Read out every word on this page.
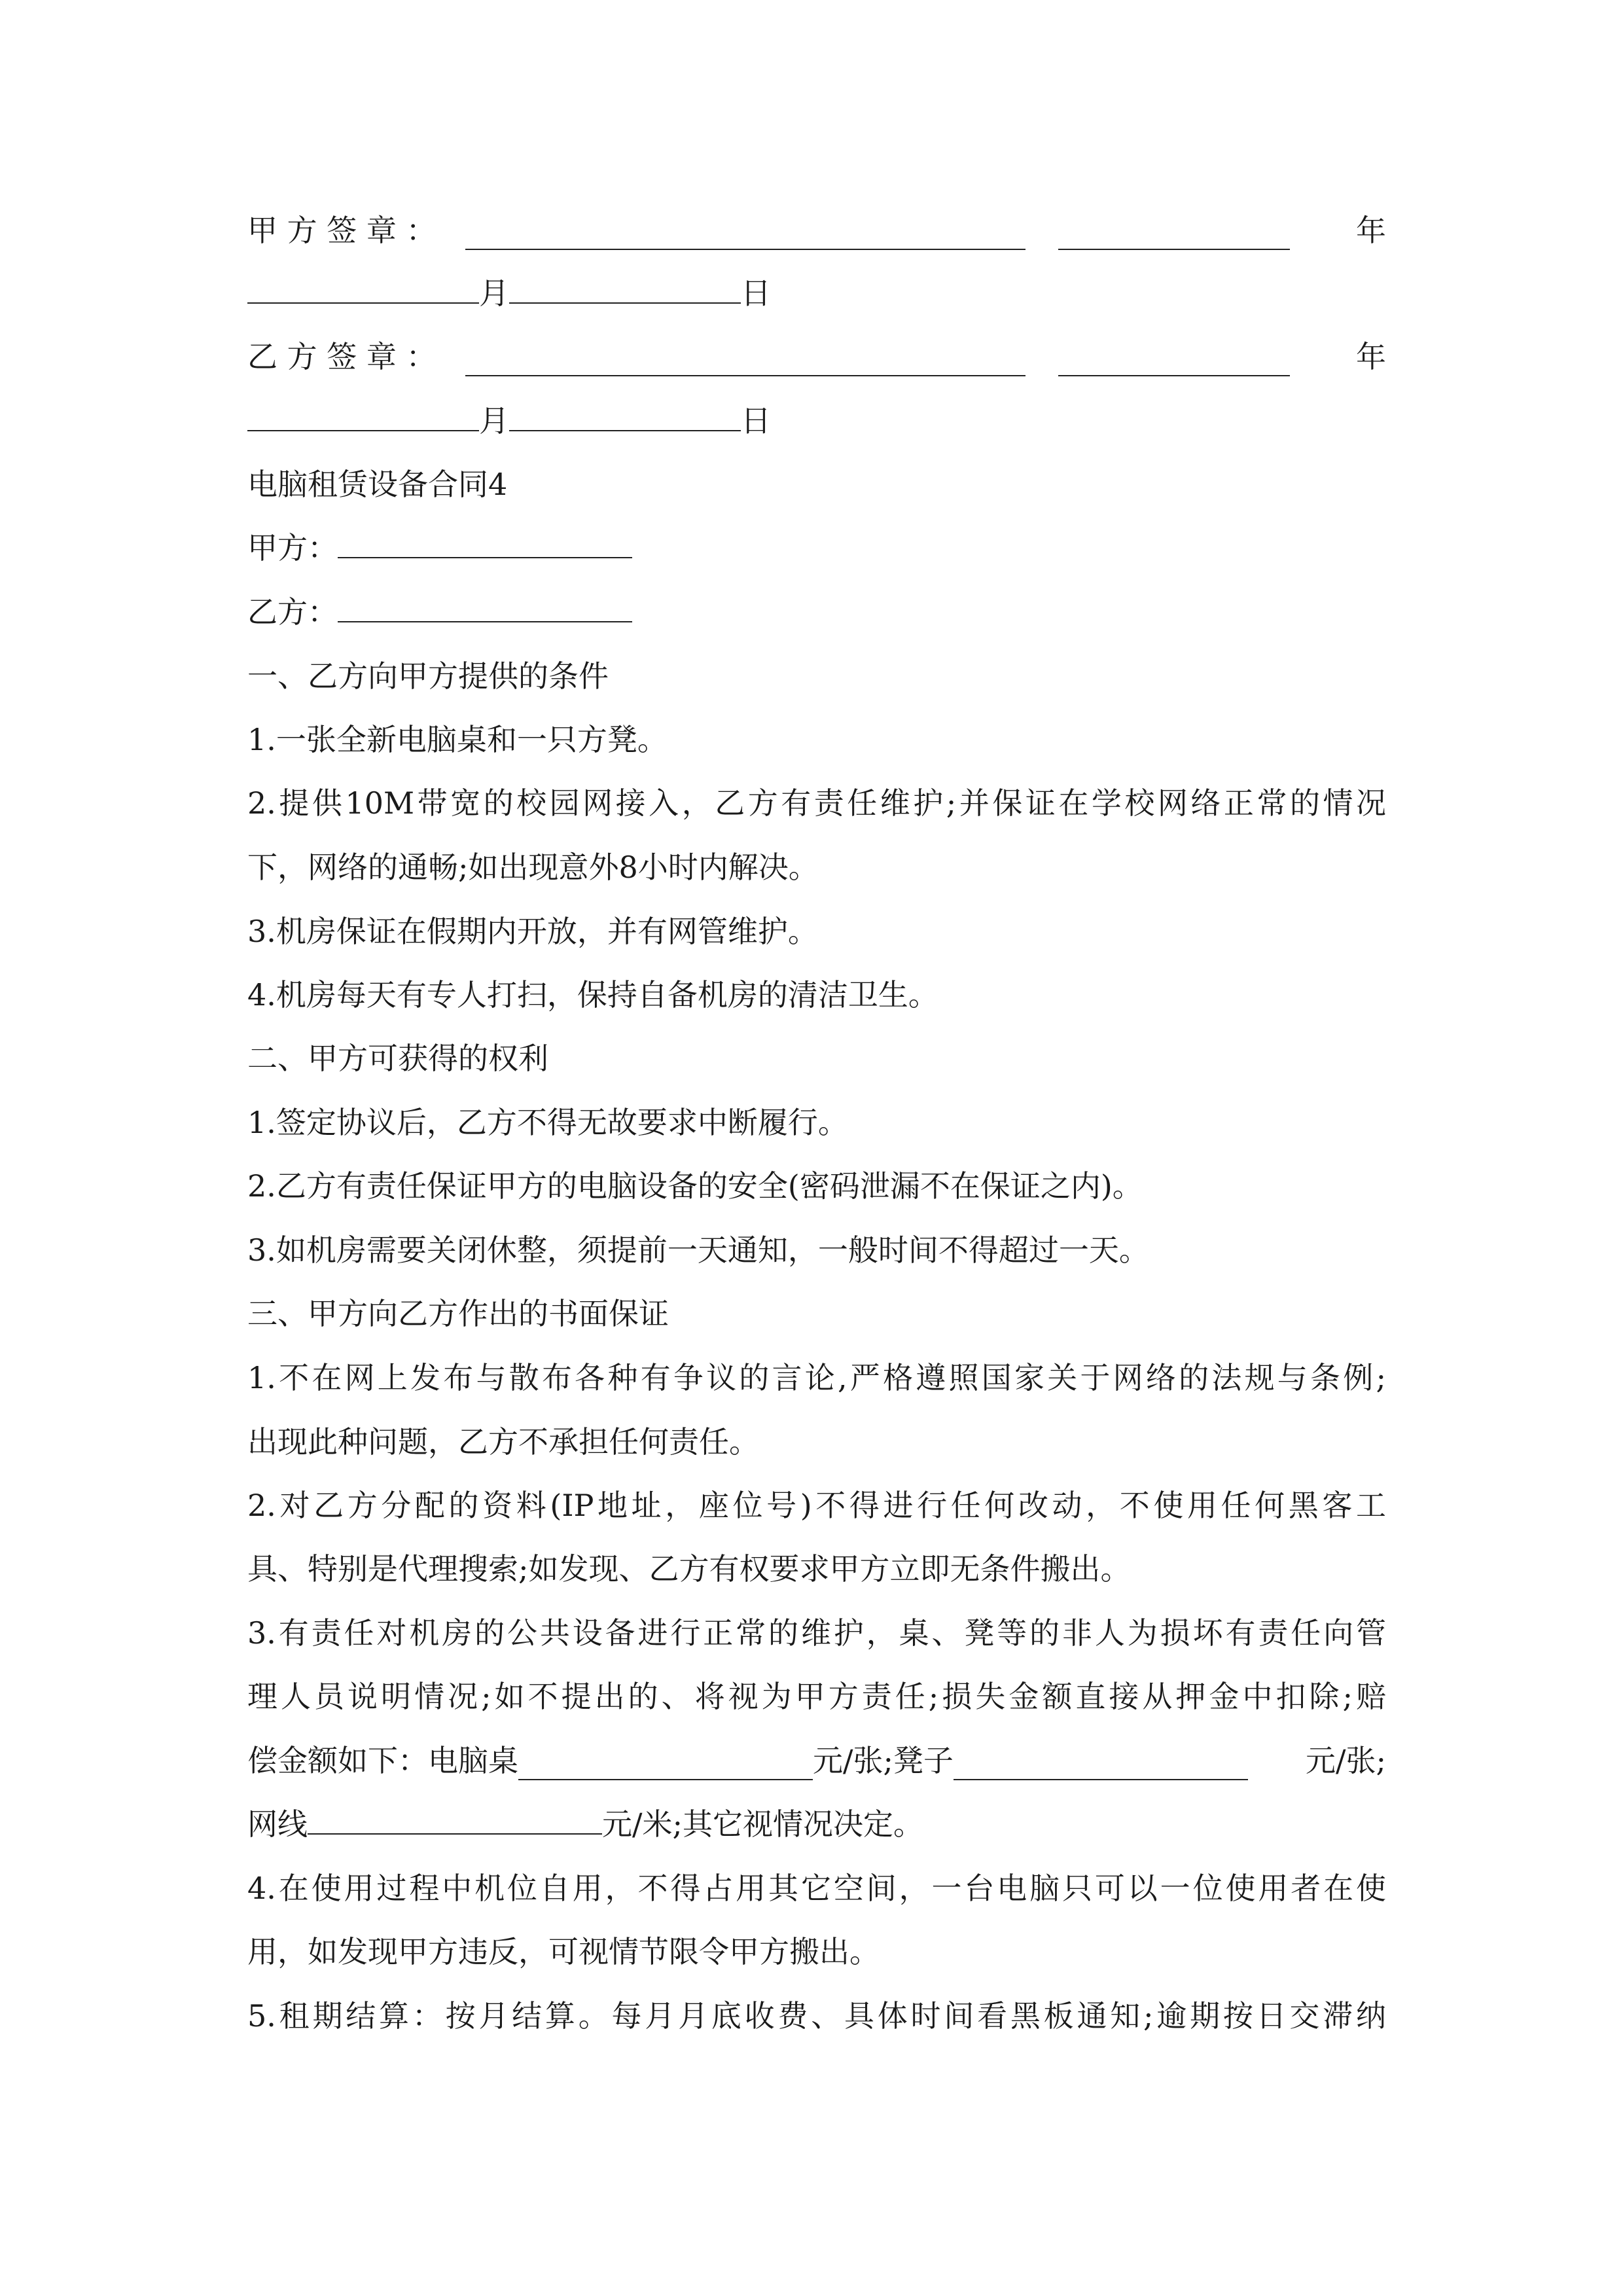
甲 方 签 章 ：	年
月	日
乙 方 签 章 ：	年
月	日
电脑租赁设备合同4
甲方：
乙方：
一、乙方向甲方提供的条件
1.一张全新电脑桌和一只方凳。
2.提供10M带宽的校园网接入，乙方有责任维护;并保证在学校网络正常的情况
下，网络的通畅;如出现意外8小时内解决。
3.机房保证在假期内开放，并有网管维护。
4.机房每天有专人打扫，保持自备机房的清洁卫生。
二、甲方可获得的权利
1.签定协议后，乙方不得无故要求中断履行。
2.乙方有责任保证甲方的电脑设备的安全(密码泄漏不在保证之内)。
3.如机房需要关闭休整，须提前一天通知，一般时间不得超过一天。
三、甲方向乙方作出的书面保证
1.不在网上发布与散布各种有争议的言论,严格遵照国家关于网络的法规与条例;
出现此种问题，乙方不承担任何责任。
2.对乙方分配的资料(IP地址，座位号)不得进行任何改动，不使用任何黑客工
具、特别是代理搜索;如发现、乙方有权要求甲方立即无条件搬出。
3.有责任对机房的公共设备进行正常的维护，桌、凳等的非人为损坏有责任向管
理人员说明情况;如不提出的、将视为甲方责任;损失金额直接从押金中扣除;赔
偿金额如下：电脑桌	元/张;凳子	元/张;
网线	元/米;其它视情况决定。
4.在使用过程中机位自用，不得占用其它空间，一台电脑只可以一位使用者在使
用，如发现甲方违反，可视情节限令甲方搬出。
5.租期结算：按月结算。每月月底收费、具体时间看黑板通知;逾期按日交滞纳
